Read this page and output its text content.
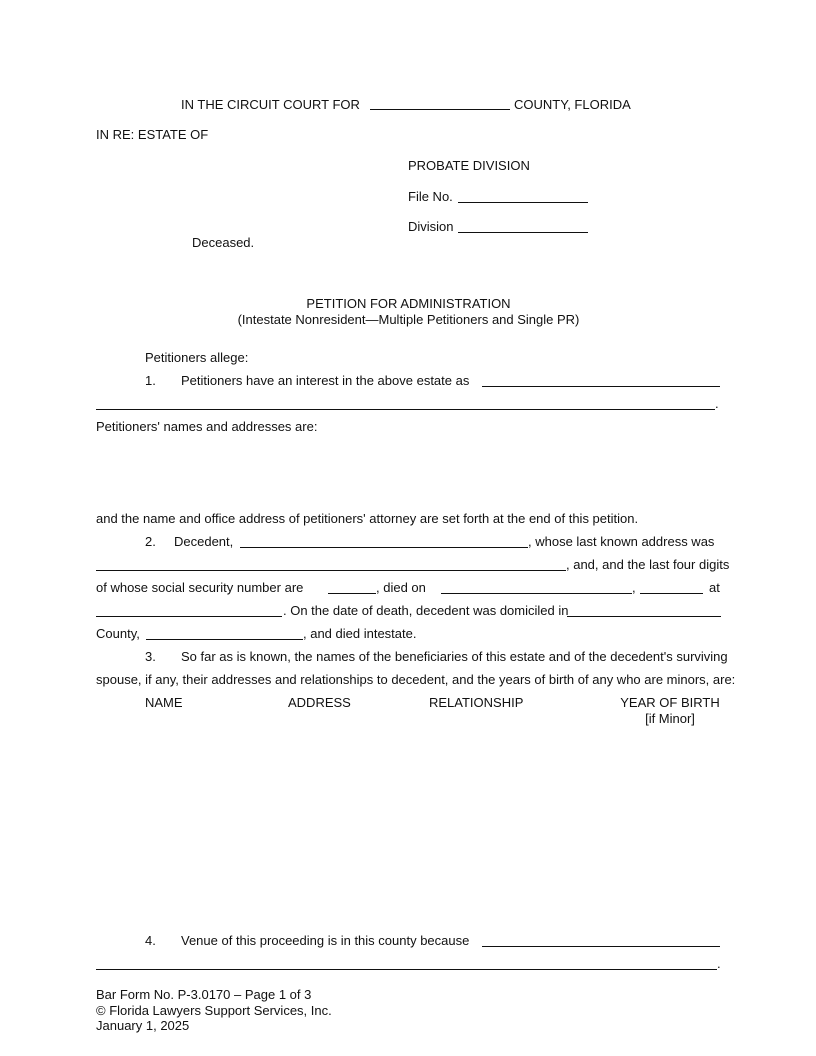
IN THE CIRCUIT COURT FOR	COUNTY, FLORIDA
IN RE: ESTATE OF
PROBATE DIVISION
File No.
Division
Deceased.
PETITION FOR ADMINISTRATION
(Intestate Nonresident—Multiple Petitioners and Single PR)
Petitioners allege:
1. Petitioners have an interest in the above estate as
.
Petitioners' names and addresses are:
and the name and office address of petitioners' attorney are set forth at the end of this petition.
2. Decedent,	, whose last known address was
, and, and the last four digits
of whose social security number are	, died on	,	at
. On the date of death, decedent was domiciled in
County,	, and died intestate.
3. So far as is known, the names of the beneficiaries of this estate and of the decedent's surviving
spouse, if any, their addresses and relationships to decedent, and the years of birth of any who are minors, are:
NAME	ADDRESS	RELATIONSHIP	YEAR OF BIRTH
[if Minor]
4. Venue of this proceeding is in this county because
.
Bar Form No. P-3.0170 – Page 1 of 3
© Florida Lawyers Support Services, Inc.
January 1, 2025
